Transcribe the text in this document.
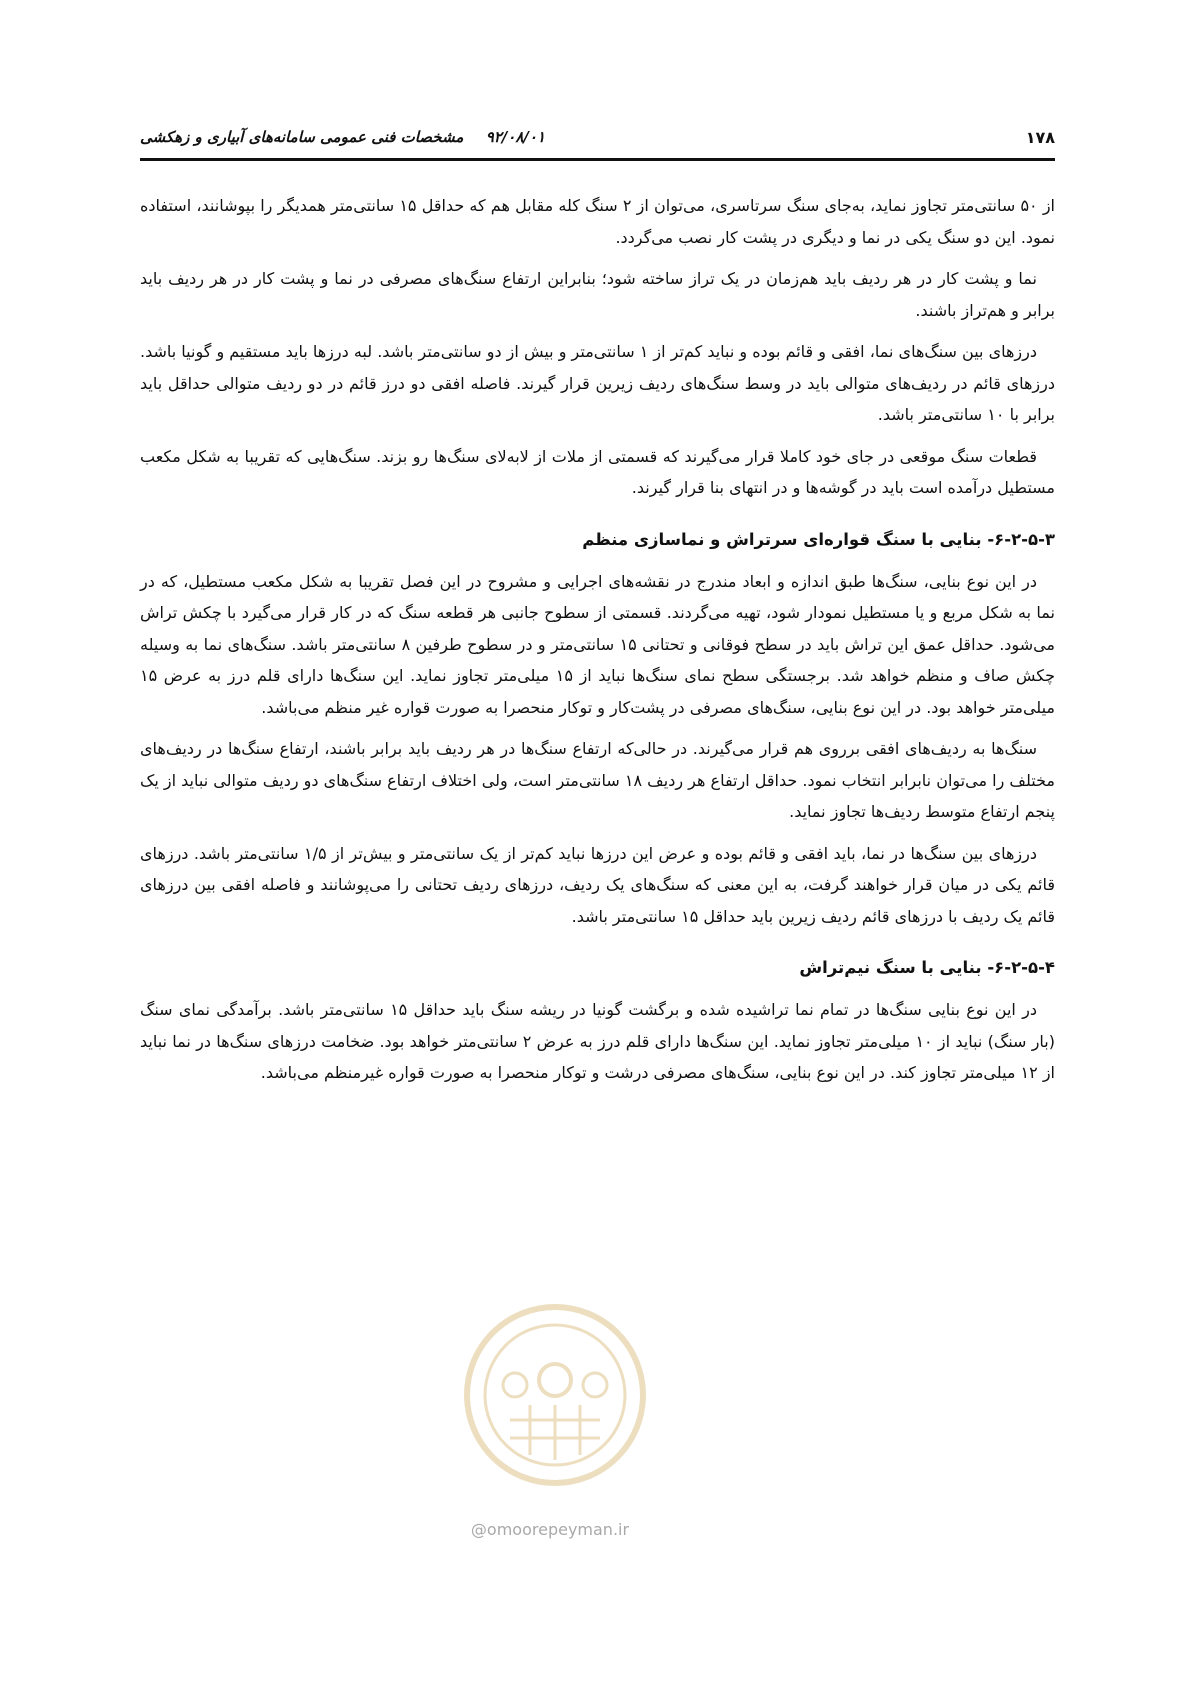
۱۷۸
۹۲/۰۸/۰۱
مشخصات فنی عمومی سامانه‌های آبیاری و زهکشی

از ۵۰ سانتی‌متر تجاوز نماید، به‌جای سنگ سرتاسری، می‌توان از ۲ سنگ کله مقابل هم که حداقل ۱۵ سانتی‌متر همدیگر را بپوشانند، استفاده نمود. این دو سنگ یکی در نما و دیگری در پشت کار نصب می‌گردد.

نما و پشت کار در هر ردیف باید هم‌زمان در یک تراز ساخته شود؛ بنابراین ارتفاع سنگ‌های مصرفی در نما و پشت کار در هر ردیف باید برابر و هم‌تراز باشند.

درزهای بین سنگ‌های نما، افقی و قائم بوده و نباید کم‌تر از ۱ سانتی‌متر و بیش از دو سانتی‌متر باشد. لبه درزها باید مستقیم و گونیا باشد. درزهای قائم در ردیف‌های متوالی باید در وسط سنگ‌های ردیف زیرین قرار گیرند. فاصله افقی دو درز قائم در دو ردیف متوالی حداقل باید برابر با ۱۰ سانتی‌متر باشد.

قطعات سنگ موقعی در جای خود کاملا قرار می‌گیرند که قسمتی از ملات از لابه‌لای سنگ‌ها رو بزند. سنگ‌هایی که تقریبا به شکل مکعب مستطیل درآمده است باید در گوشه‌ها و در انتهای بنا قرار گیرند.

۶-۲-۵-۳- بنایی با سنگ قواره‌ای سرتراش و نماسازی منظم

در این نوع بنایی، سنگ‌ها طبق اندازه و ابعاد مندرج در نقشه‌های اجرایی و مشروح در این فصل تقریبا به شکل مکعب مستطیل، که در نما به شکل مربع و یا مستطیل نمودار شود، تهیه می‌گردند. قسمتی از سطوح جانبی هر قطعه سنگ که در کار قرار می‌گیرد با چکش تراش می‌شود. حداقل عمق این تراش باید در سطح فوقانی و تحتانی ۱۵ سانتی‌متر و در سطوح طرفین ۸ سانتی‌متر باشد. سنگ‌های نما به وسیله چکش صاف و منظم خواهد شد. برجستگی سطح نمای سنگ‌ها نباید از ۱۵ میلی‌متر تجاوز نماید. این سنگ‌ها دارای قلم درز به عرض ۱۵ میلی‌متر خواهد بود. در این نوع بنایی، سنگ‌های مصرفی در پشت‌کار و توکار منحصرا به صورت قواره غیر منظم می‌باشد.

سنگ‌ها به ردیف‌های افقی برروی هم قرار می‌گیرند. در حالی‌که ارتفاع سنگ‌ها در هر ردیف باید برابر باشند، ارتفاع سنگ‌ها در ردیف‌های مختلف را می‌توان نابرابر انتخاب نمود. حداقل ارتفاع هر ردیف ۱۸ سانتی‌متر است، ولی اختلاف ارتفاع سنگ‌های دو ردیف متوالی نباید از یک پنجم ارتفاع متوسط ردیف‌ها تجاوز نماید.

درزهای بین سنگ‌ها در نما، باید افقی و قائم بوده و عرض این درزها نباید کم‌تر از یک سانتی‌متر و بیش‌تر از ۱/۵ سانتی‌متر باشد. درزهای قائم یکی در میان قرار خواهند گرفت، به این معنی که سنگ‌های یک ردیف، درزهای ردیف تحتانی را می‌پوشانند و فاصله افقی بین درزهای قائم یک ردیف با درزهای قائم ردیف زیرین باید حداقل ۱۵ سانتی‌متر باشد.

۶-۲-۵-۴- بنایی با سنگ نیم‌تراش

در این نوع بنایی سنگ‌ها در تمام نما تراشیده شده و برگشت گونیا در ریشه سنگ باید حداقل ۱۵ سانتی‌متر باشد. برآمدگی نمای سنگ (بار سنگ) نباید از ۱۰ میلی‌متر تجاوز نماید. این سنگ‌ها دارای قلم درز به عرض ۲ سانتی‌متر خواهد بود. ضخامت درزهای سنگ‌ها در نما نباید از ۱۲ میلی‌متر تجاوز کند. در این نوع بنایی، سنگ‌های مصرفی درشت و توکار منحصرا به صورت قواره غیرمنظم می‌باشد.

@omoorepeyman.ir
